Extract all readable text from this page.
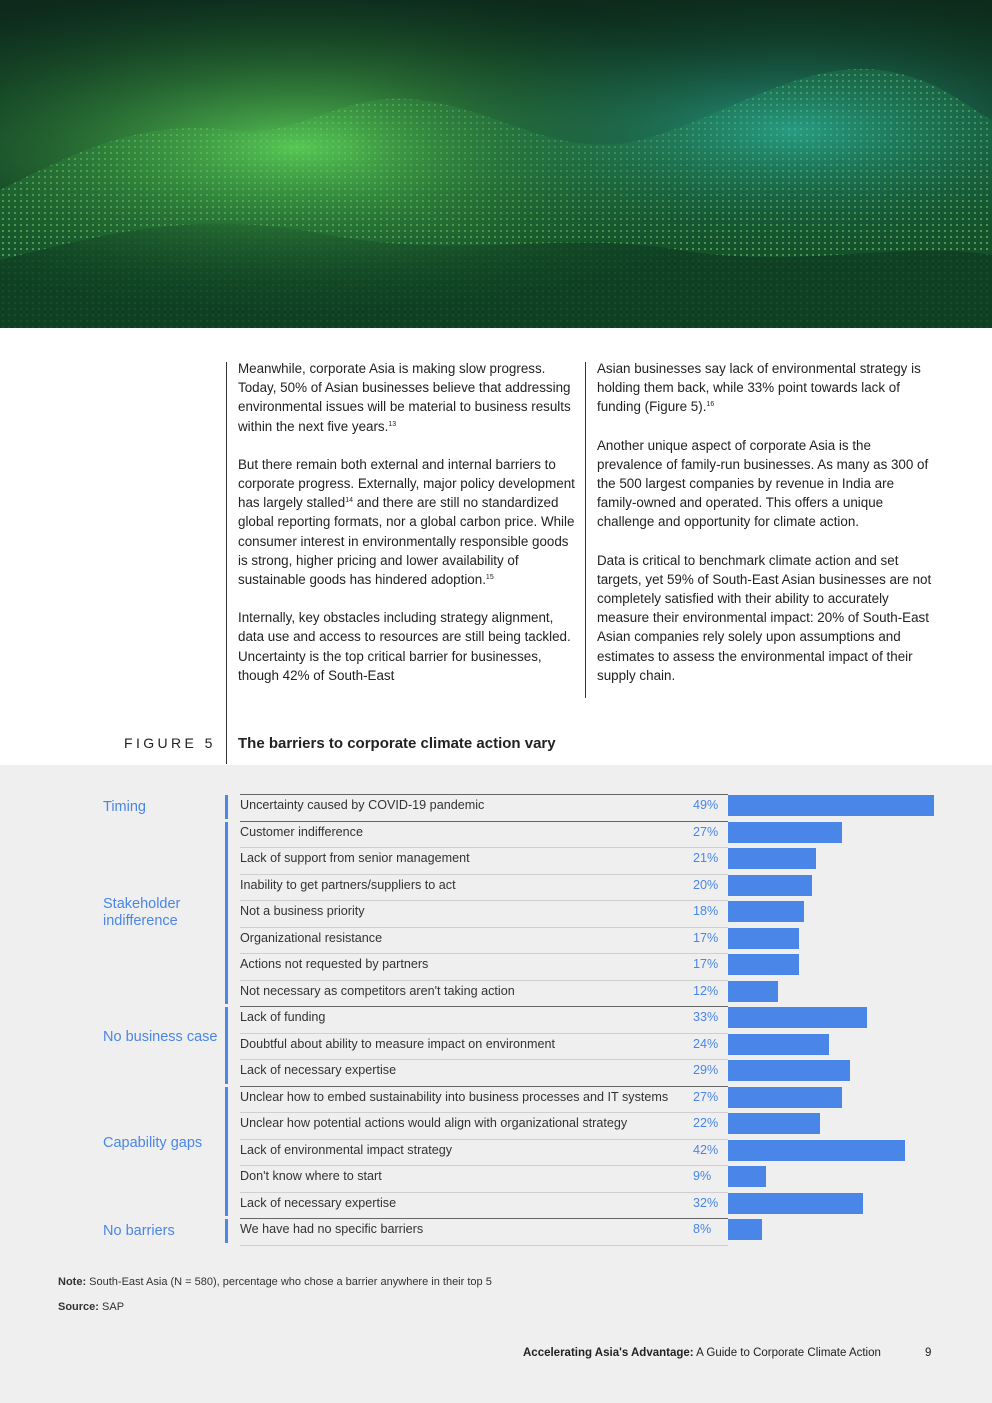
Meanwhile, corporate Asia is making slow progress. Today, 50% of Asian businesses believe that addressing environmental issues will be material to business results within the next five years.$^{13}$

But there remain both external and internal barriers to corporate progress. Externally, major policy development has largely stalled$^{14}$ and there are still no standardized global reporting formats, nor a global carbon price. While consumer interest in environmentally responsible goods is strong, higher pricing and lower availability of sustainable goods has hindered adoption.$^{15}$

Internally, key obstacles including strategy alignment, data use and access to resources are still being tackled. Uncertainty is the top critical barrier for businesses, though 42% of South-East

Asian businesses say lack of environmental strategy is holding them back, while 33% point towards lack of funding (Figure 5).$^{16}$

Another unique aspect of corporate Asia is the prevalence of family-run businesses. As many as 300 of the 500 largest companies by revenue in India are family-owned and operated. This offers a unique challenge and opportunity for climate action.

Data is critical to benchmark climate action and set targets, yet 59% of South-East Asian businesses are not completely satisfied with their ability to accurately measure their environmental impact: 20% of South-East Asian companies rely solely upon assumptions and estimates to assess the environmental impact of their supply chain.

FIGURE 5 The barriers to corporate climate action vary
Timing	Uncertainty caused by COVID-19 pandemic	49%
Stakeholder indifference
Customer indifference	27%
Lack of support from senior management	21%
Inability to get partners/suppliers to act	20%
Not a business priority	18%
Organizational resistance	17%
Actions not requested by partners	17%
Not necessary as competitors aren't taking action	12%
No business case
Lack of funding	33%
Doubtful about ability to measure impact on environment	24%
Lack of necessary expertise	29%
Capability gaps
Unclear how to embed sustainability into business processes and IT systems 27%
Unclear how potential actions would align with organizational strategy	22%
Lack of environmental impact strategy	42%
Don't know where to start	9%
Lack of necessary expertise	32%
No barriers	We have had no specific barriers	8%
Note: South-East Asia (N = 580), percentage who chose a barrier anywhere in their top 5
Source: SAP
Accelerating Asia's Advantage: A Guide to Corporate Climate Action	9
